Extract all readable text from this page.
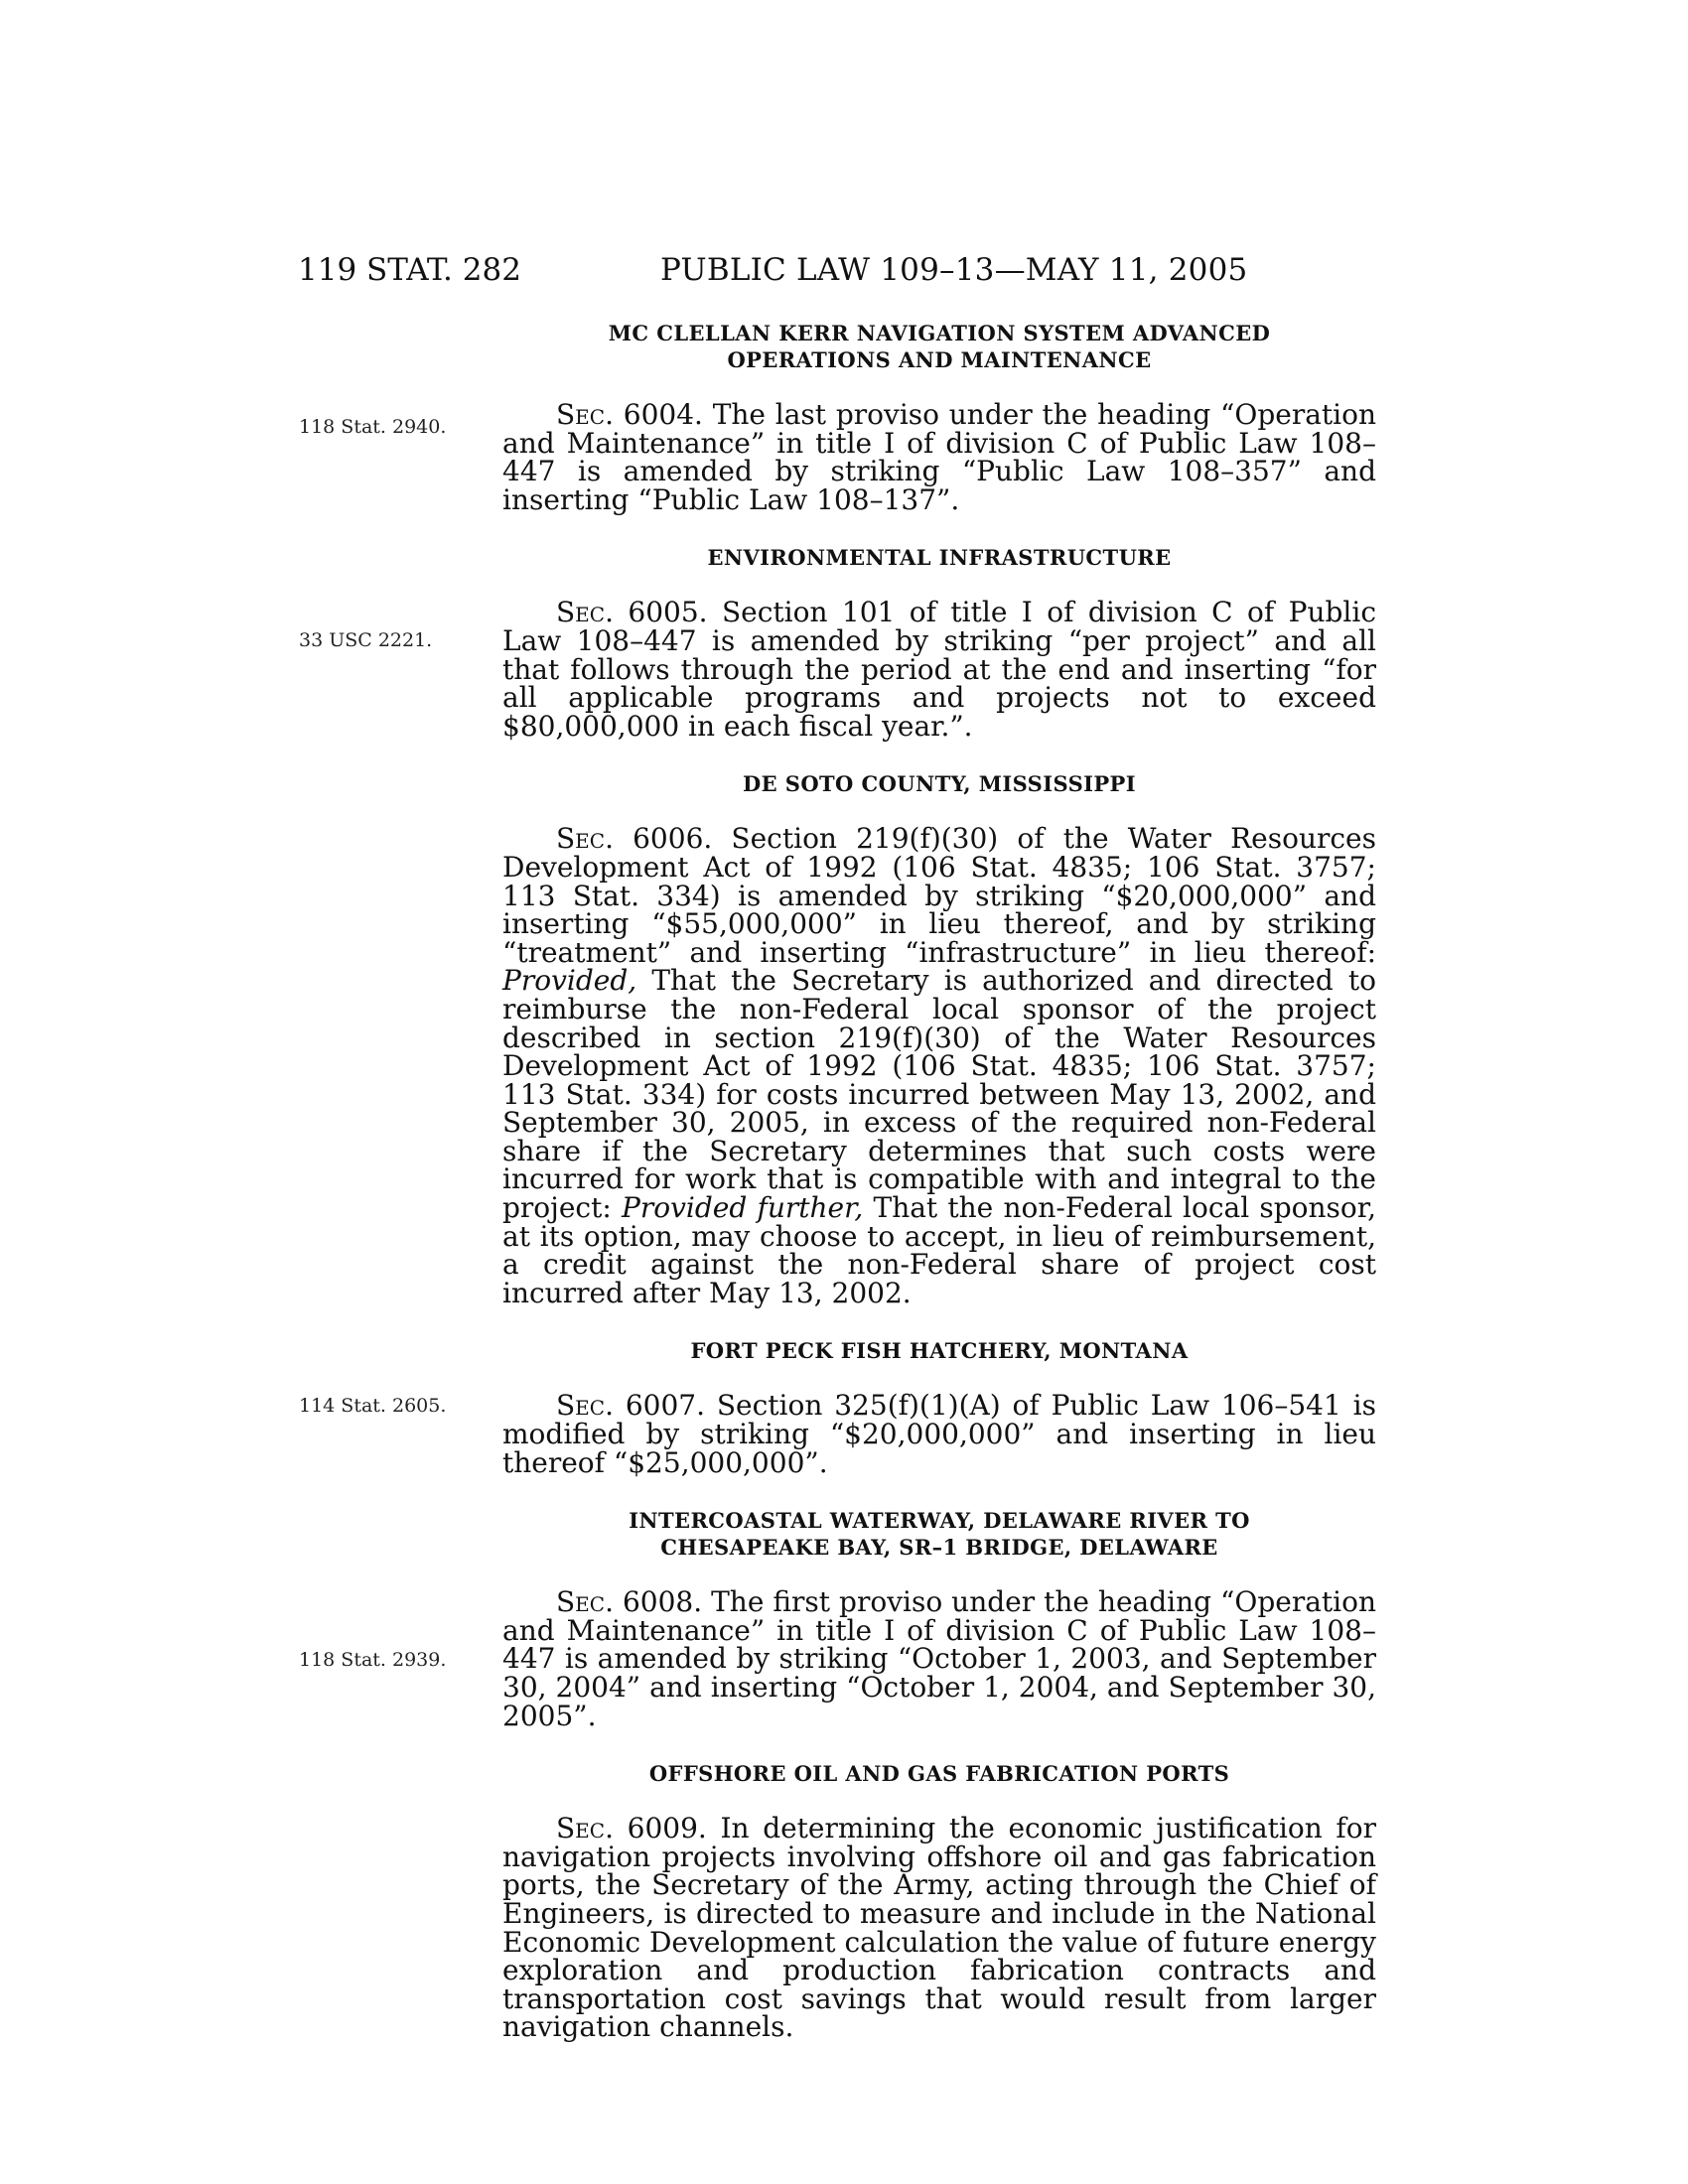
119 STAT. 282	PUBLIC LAW 109–13—MAY 11, 2005
MC CLELLAN KERR NAVIGATION SYSTEM ADVANCED OPERATIONS AND MAINTENANCE
118 Stat. 2940.	Sec. 6004. The last proviso under the heading “Operation and Maintenance” in title I of division C of Public Law 108–447 is amended by striking “Public Law 108–357” and inserting “Public Law 108–137”.

ENVIRONMENTAL INFRASTRUCTURE
33 USC 2221.

Sec. 6005. Section 101 of title I of division C of Public Law 108–447 is amended by striking “per project” and all that follows through the period at the end and inserting “for all applicable programs and projects not to exceed $80,000,000 in each fiscal year.”.

DE SOTO COUNTY, MISSISSIPPI

Sec. 6006. Section 219(f)(30) of the Water Resources Development Act of 1992 (106 Stat. 4835; 106 Stat. 3757; 113 Stat. 334) is amended by striking “$20,000,000” and inserting “$55,000,000” in lieu thereof, and by striking “treatment” and inserting “infrastructure” in lieu thereof: Provided, That the Secretary is authorized and directed to reimburse the non-Federal local sponsor of the project described in section 219(f)(30) of the Water Resources Development Act of 1992 (106 Stat. 4835; 106 Stat. 3757; 113 Stat. 334) for costs incurred between May 13, 2002, and September 30, 2005, in excess of the required non-Federal share if the Secretary determines that such costs were incurred for work that is compatible with and integral to the project: Provided further, That the non-Federal local sponsor, at its option, may choose to accept, in lieu of reimbursement, a credit against the non-Federal share of project cost incurred after May 13, 2002.

FORT PECK FISH HATCHERY, MONTANA
114 Stat. 2605.	Sec. 6007. Section 325(f)(1)(A) of Public Law 106–541 is modified by striking “$20,000,000” and inserting in lieu thereof “$25,000,000”.

INTERCOASTAL WATERWAY, DELAWARE RIVER TO CHESAPEAKE BAY, SR–1 BRIDGE, DELAWARE
118 Stat. 2939.

Sec. 6008. The first proviso under the heading “Operation and Maintenance” in title I of division C of Public Law 108–447 is amended by striking “October 1, 2003, and September 30, 2004” and inserting “October 1, 2004, and September 30, 2005”.

OFFSHORE OIL AND GAS FABRICATION PORTS

Sec. 6009. In determining the economic justification for navigation projects involving offshore oil and gas fabrication ports, the Secretary of the Army, acting through the Chief of Engineers, is directed to measure and include in the National Economic Development calculation the value of future energy exploration and production fabrication contracts and transportation cost savings that would result from larger navigation channels.
